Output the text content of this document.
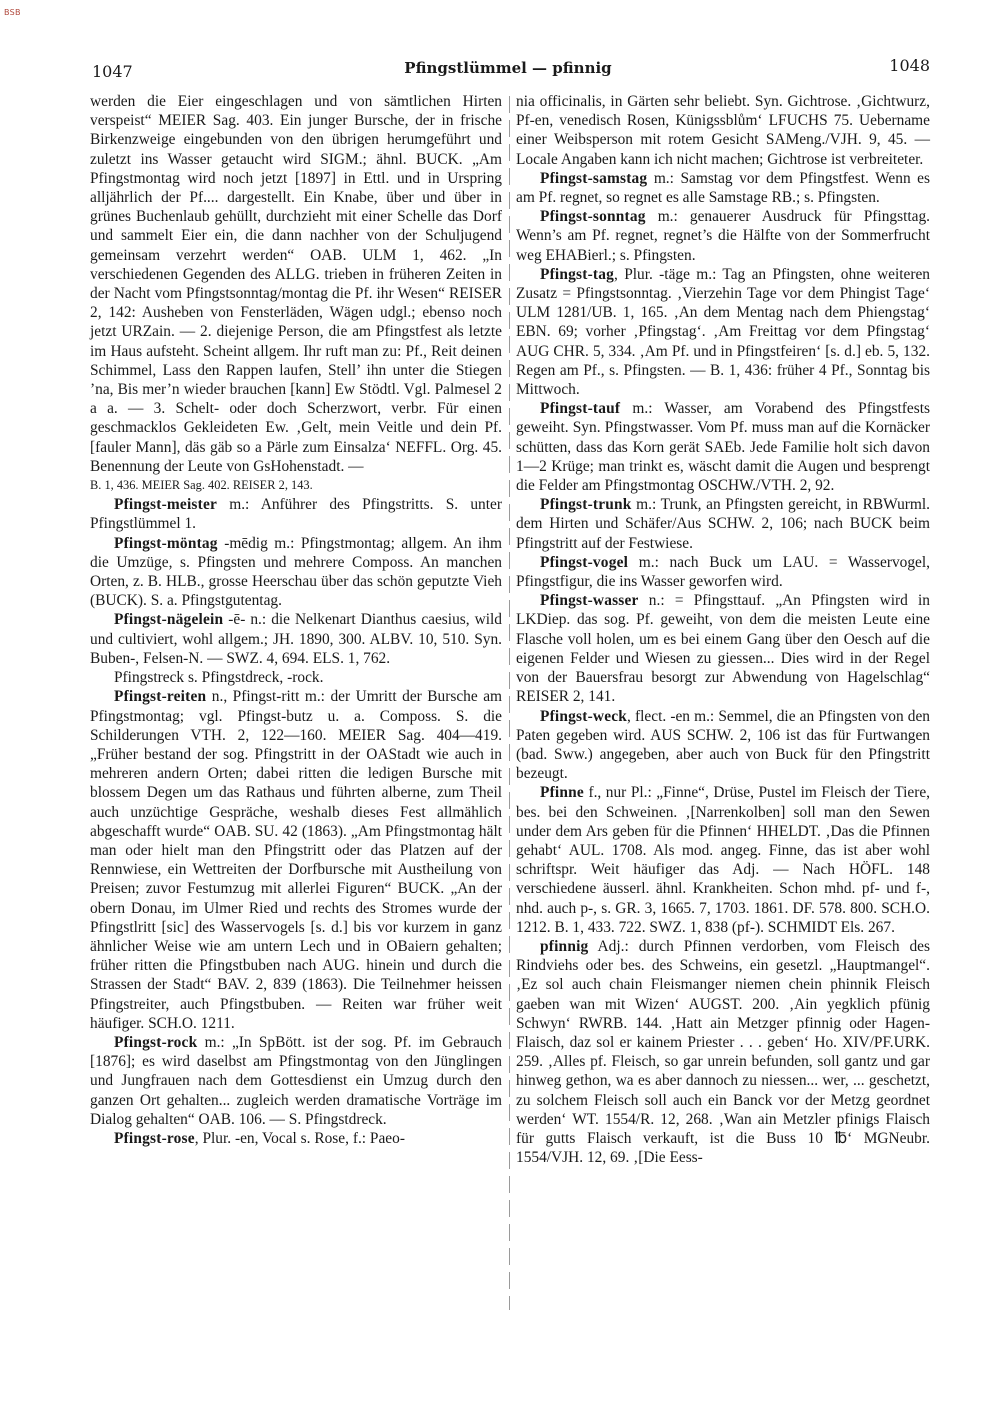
BSB
1047	Pfingstlümmel — pfinnig	1048

werden die Eier eingeschlagen und von sämtlichen Hirten verspeist“ MEIER Sag. 403. Ein junger Bursche, der in frische Birkenzweige eingebunden von den übrigen herumgeführt und zuletzt ins Wasser getaucht wird SIGM.; ähnl. BUCK. „Am Pfingstmontag wird noch jetzt [1897] in Ettl. und in Urspring alljährlich der Pf.... dargestellt. Ein Knabe, über und über in grünes Buchenlaub gehüllt, durchzieht mit einer Schelle das Dorf und sammelt Eier ein, die dann nachher von der Schuljugend gemeinsam verzehrt werden“ OAB. ULM 1, 462. „In verschiedenen Gegenden des ALLG. trieben in früheren Zeiten in der Nacht vom Pfingstsonntag/montag die Pf. ihr Wesen“ REISER 2, 142: Ausheben von Fensterläden, Wägen udgl.; ebenso noch jetzt URZain. — 2. diejenige Person, die am Pfingstfest als letzte im Haus aufsteht. Scheint allgem. Ihr ruft man zu: Pf., Reit deinen Schimmel, Lass den Rappen laufen, Stell’ ihn unter die Stiegen ’na, Bis mer’n wieder brauchen [kann] Ew Stödtl. Vgl. Palmesel 2 a a. — 3. Schelt- oder doch Scherzwort, verbr. Für einen geschmacklos Gekleideten Ew. ‚Gelt, mein Veitle und dein Pf. [fauler Mann], däs gäb so a Pärle zum Einsalza‘ NEFFL. Org. 45. Benennung der Leute von GsHohenstadt. —

B. 1, 436. MEIER Sag. 402. REISER 2, 143.

Pfingst-meister m.: Anführer des Pfingstritts. S. unter Pfingstlümmel 1.

Pfingst-möntag -mēdig m.: Pfingstmontag; allgem. An ihm die Umzüge, s. Pfingsten und mehrere Composs. An manchen Orten, z. B. HLB., grosse Heerschau über das schön geputzte Vieh (BUCK). S. a. Pfingstgutentag.

Pfingst-nägelein -ē- n.: die Nelkenart Dianthus caesius, wild und cultiviert, wohl allgem.; JH. 1890, 300. ALBV. 10, 510. Syn. Buben-, Felsen-N. — SWZ. 4, 694. ELS. 1, 762.

Pfingstreck s. Pfingstdreck, -rock.

Pfingst-reiten n., Pfingst-ritt m.: der Umritt der Bursche am Pfingstmontag; vgl. Pfingst-butz u. a. Composs. S. die Schilderungen VTH. 2, 122—160. MEIER Sag. 404—419. „Früher bestand der sog. Pfingstritt in der OAStadt wie auch in mehreren andern Orten; dabei ritten die ledigen Bursche mit blossem Degen um das Rathaus und führten alberne, zum Theil auch unzüchtige Gespräche, weshalb dieses Fest allmählich abgeschafft wurde“ OAB. SU. 42 (1863). „Am Pfingstmontag hält man oder hielt man den Pfingstritt oder das Platzen auf der Rennwiese, ein Wettreiten der Dorfbursche mit Austheilung von Preisen; zuvor Festumzug mit allerlei Figuren“ BUCK. „An der obern Donau, im Ulmer Ried und rechts des Stromes wurde der Pfingstlritt [sic] des Wasservogels [s. d.] bis vor kurzem in ganz ähnlicher Weise wie am untern Lech und in OBaiern gehalten; früher ritten die Pfingstbuben nach AUG. hinein und durch die Strassen der Stadt“ BAV. 2, 839 (1863). Die Teilnehmer heissen Pfingstreiter, auch Pfingstbuben. — Reiten war früher weit häufiger. SCH.O. 1211.

Pfingst-rock m.: „In SpBött. ist der sog. Pf. im Gebrauch [1876]; es wird daselbst am Pfingstmontag von den Jünglingen und Jungfrauen nach dem Gottesdienst ein Umzug durch den ganzen Ort gehalten... zugleich werden dramatische Vorträge im Dialog gehalten“ OAB. 106. — S. Pfingstdreck.

Pfingst-rose, Plur. -en, Vocal s. Rose, f.: Paeo-

nia officinalis, in Gärten sehr beliebt. Syn. Gichtrose. ‚Gichtwurz, Pf-en, venedisch Rosen, Künigssblům‘ LFUCHS 75. Uebername einer Weibsperson mit rotem Gesicht SAMeng./VJH. 9, 45. — Locale Angaben kann ich nicht machen; Gichtrose ist verbreiteter.

Pfingst-samstag m.: Samstag vor dem Pfingstfest. Wenn es am Pf. regnet, so regnet es alle Samstage RB.; s. Pfingsten.

Pfingst-sonntag m.: genauerer Ausdruck für Pfingsttag. Wenn’s am Pf. regnet, regnet’s die Hälfte von der Sommerfrucht weg EHABierl.; s. Pfingsten.

Pfingst-tag, Plur. -täge m.: Tag an Pfingsten, ohne weiteren Zusatz = Pfingstsonntag. ‚Vierzehin Tage vor dem Phingist Tage‘ ULM 1281/UB. 1, 165. ‚An dem Mentag nach dem Phiengstag‘ EBN. 69; vorher ‚Pfingstag‘. ‚Am Freittag vor dem Pfingstag‘ AUG CHR. 5, 334. ‚Am Pf. und in Pfingstfeiren‘ [s. d.] eb. 5, 132. Regen am Pf., s. Pfingsten. — B. 1, 436: früher 4 Pf., Sonntag bis Mittwoch.

Pfingst-tauf m.: Wasser, am Vorabend des Pfingstfests geweiht. Syn. Pfingstwasser. Vom Pf. muss man auf die Kornäcker schütten, dass das Korn gerät SAEb. Jede Familie holt sich davon 1—2 Krüge; man trinkt es, wäscht damit die Augen und besprengt die Felder am Pfingstmontag OSCHW./VTH. 2, 92.

Pfingst-trunk m.: Trunk, an Pfingsten gereicht, in RBWurml. dem Hirten und Schäfer/Aus SCHW. 2, 106; nach BUCK beim Pfingstritt auf der Festwiese.

Pfingst-vogel m.: nach Buck um LAU. = Wasservogel, Pfingstfigur, die ins Wasser geworfen wird.

Pfingst-wasser n.: = Pfingsttauf. „An Pfingsten wird in LKDiep. das sog. Pf. geweiht, von dem die meisten Leute eine Flasche voll holen, um es bei einem Gang über den Oesch auf die eigenen Felder und Wiesen zu giessen... Dies wird in der Regel von der Bauersfrau besorgt zur Abwendung von Hagelschlag“ REISER 2, 141.

Pfingst-weck, flect. -en m.: Semmel, die an Pfingsten von den Paten gegeben wird. AUS SCHW. 2, 106 ist das für Furtwangen (bad. Sww.) angegeben, aber auch von Buck für den Pfingstritt bezeugt.

Pfinne f., nur Pl.: „Finne“, Drüse, Pustel im Fleisch der Tiere, bes. bei den Schweinen. ‚[Narrenkolben] soll man den Sewen under dem Ars geben für die Pfinnen‘ HHELDT. ‚Das die Pfinnen gehabt‘ AUL. 1708. Als mod. angeg. Finne, das ist aber wohl schriftspr. Weit häufiger das Adj. — Nach HÖFL. 148 verschiedene äusserl. ähnl. Krankheiten. Schon mhd. pf- und f-, nhd. auch p-, s. GR. 3, 1665. 7, 1703. 1861. DF. 578. 800. SCH.O. 1212. B. 1, 433. 722. SWZ. 1, 838 (pf-). SCHMIDT Els. 267.

pfinnig Adj.: durch Pfinnen verdorben, vom Fleisch des Rindviehs oder bes. des Schweins, ein gesetzl. „Hauptmangel“. ‚Ez sol auch chain Fleismanger niemen chein phinnik Fleisch gaeben wan mit Wizen‘ AUGST. 200. ‚Ain yegklich pfünig Schwyn‘ RWRB. 144. ‚Hatt ain Metzger pfinnig oder Hagen-Flaisch, daz sol er kainem Priester . . . geben‘ Ho. XIV/PF.URK. 259. ‚Alles pf. Fleisch, so gar unrein befunden, soll gantz und gar hinweg gethon, wa es aber dannoch zu niessen... wer, ... geschetzt, zu solchem Fleisch soll auch ein Banck vor der Metzg geordnet werden‘ WT. 1554/R. 12, 268. ‚Wan ain Metzler pfinigs Flaisch für gutts Flaisch verkauft, ist die Buss 10 ℔‘ MGNeubr. 1554/VJH. 12, 69. ‚[Die Eess-
